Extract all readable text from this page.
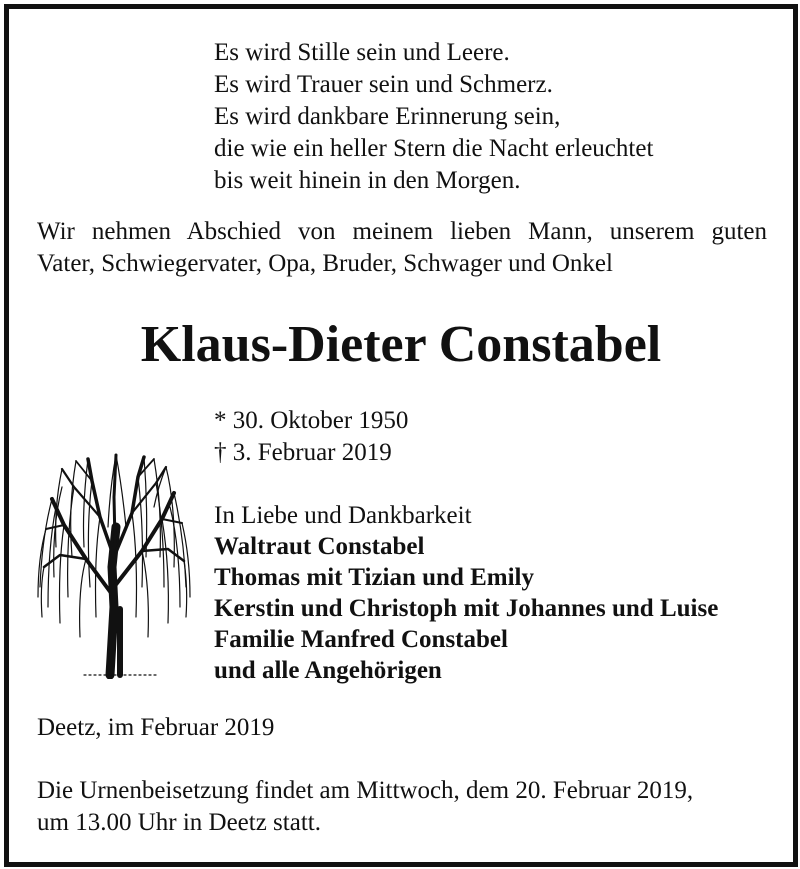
Es wird Stille sein und Leere.
Es wird Trauer sein und Schmerz.
Es wird dankbare Erinnerung sein,
die wie ein heller Stern die Nacht erleuchtet
bis weit hinein in den Morgen.
Wir nehmen Abschied von meinem lieben Mann, unserem guten
Vater, Schwiegervater, Opa, Bruder, Schwager und Onkel
Klaus-Dieter Constabel
* 30. Oktober 1950
† 3. Februar 2019
In Liebe und Dankbarkeit
Waltraut Constabel
Thomas mit Tizian und Emily
Kerstin und Christoph mit Johannes und Luise
Familie Manfred Constabel
und alle Angehörigen
Deetz, im Februar 2019
Die Urnenbeisetzung findet am Mittwoch, dem 20. Februar 2019,
um 13.00 Uhr in Deetz statt.
